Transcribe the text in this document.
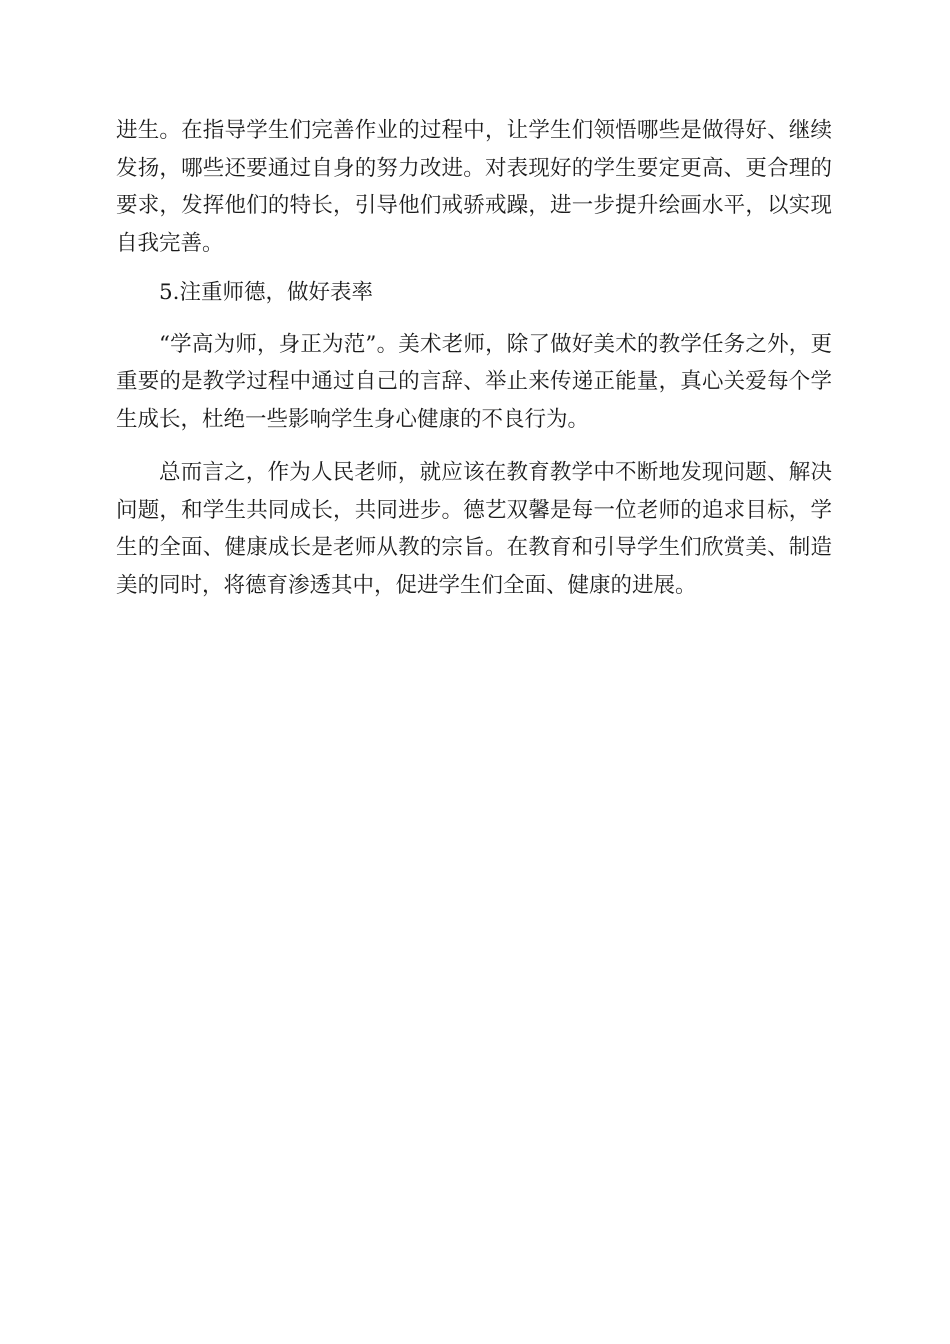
进生。在指导学生们完善作业的过程中，让学生们领悟哪些是做得好、继续发扬，哪些还要通过自身的努力改进。对表现好的学生要定更高、更合理的要求，发挥他们的特长，引导他们戒骄戒躁，进一步提升绘画水平，以实现自我完善。

5.注重师德，做好表率

“学高为师，身正为范”。美术老师，除了做好美术的教学任务之外，更重要的是教学过程中通过自己的言辞、举止来传递正能量，真心关爱每个学生成长，杜绝一些影响学生身心健康的不良行为。

总而言之，作为人民老师，就应该在教育教学中不断地发现问题、解决问题，和学生共同成长，共同进步。德艺双馨是每一位老师的追求目标，学生的全面、健康成长是老师从教的宗旨。在教育和引导学生们欣赏美、制造美的同时，将德育渗透其中，促进学生们全面、健康的进展。
